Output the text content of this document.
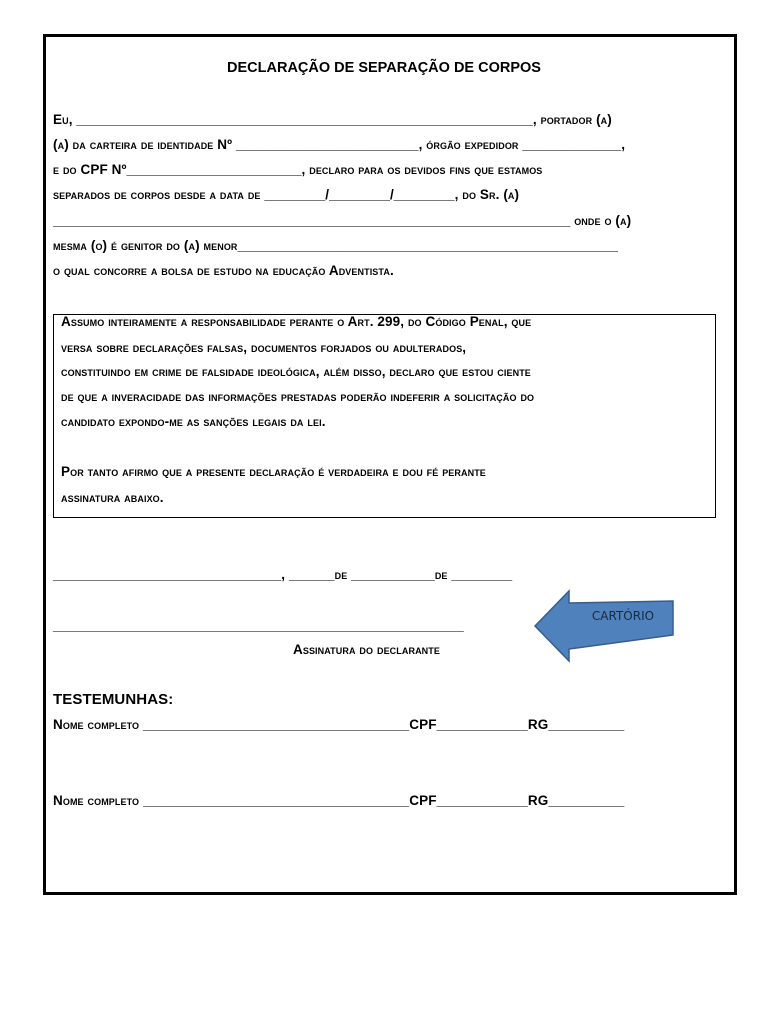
DECLARAÇÃO DE SEPARAÇÃO DE CORPOS
Eu, ____________________________________________________________, portador (a)
(a) da carteira de identidade Nº ________________________, órgão expedidor _____________,
e do CPF Nº_______________________, declaro para os devidos fins que estamos
separados de corpos desde a data de ________/________/________, do Sr. (a)
____________________________________________________________________ onde o (a)
mesma (o) é genitor do (a) menor__________________________________________________
o qual concorre a bolsa de estudo na educação Adventista.
Assumo inteiramente a responsabilidade perante o Art. 299, do Código Penal, que
versa sobre declarações falsas, documentos forjados ou adulterados,
constituindo em crime de falsidade ideológica, além disso, declaro que estou ciente
de que a inveracidade das informações prestadas poderão indeferir a solicitação do
candidato expondo-me as sanções legais da lei.
Por tanto afirmo que a presente declaração é verdadeira e dou fé perante
assinatura abaixo.
______________________________, ______de ___________de ________
______________________________________________________
Assinatura do declarante
CARTÓRIO
TESTEMUNHAS:
Nome completo ___________________________________CPF____________RG__________
Nome completo ___________________________________CPF____________RG__________
